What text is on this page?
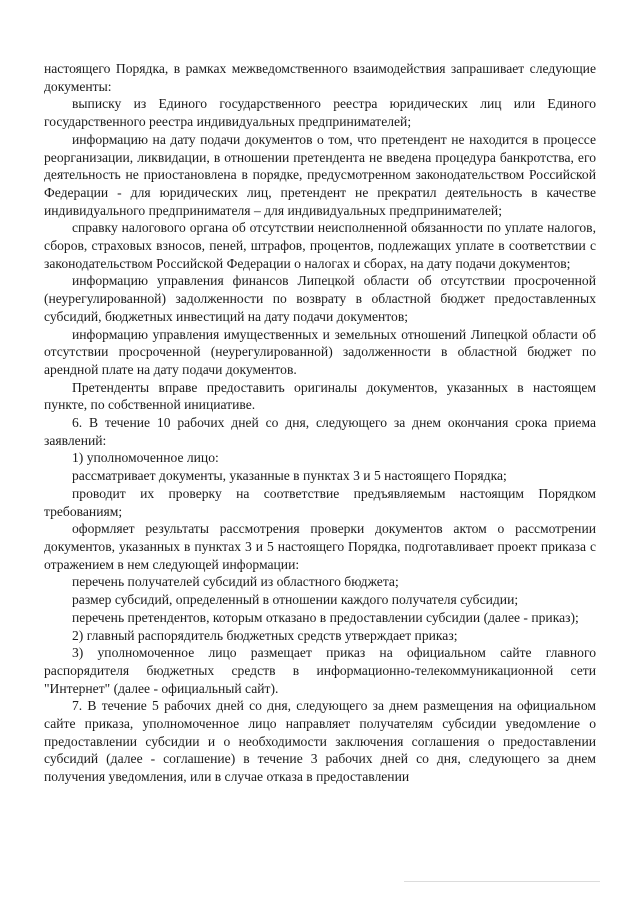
настоящего Порядка, в рамках межведомственного взаимодействия запрашивает следующие документы:

выписку из Единого государственного реестра юридических лиц или Единого государственного реестра индивидуальных предпринимателей;

информацию на дату подачи документов о том, что претендент не находится в процессе реорганизации, ликвидации, в отношении претендента не введена процедура банкротства, его деятельность не приостановлена в порядке, предусмотренном законодательством Российской Федерации - для юридических лиц, претендент не прекратил деятельность в качестве индивидуального предпринимателя – для индивидуальных предпринимателей;

справку налогового органа об отсутствии неисполненной обязанности по уплате налогов, сборов, страховых взносов, пеней, штрафов, процентов, подлежащих уплате в соответствии с законодательством Российской Федерации о налогах и сборах, на дату подачи документов;

информацию управления финансов Липецкой области об отсутствии просроченной (неурегулированной) задолженности по возврату в областной бюджет предоставленных субсидий, бюджетных инвестиций на дату подачи документов;

информацию управления имущественных и земельных отношений Липецкой области об отсутствии просроченной (неурегулированной) задолженности в областной бюджет по арендной плате на дату подачи документов.

Претенденты вправе предоставить оригиналы документов, указанных в настоящем пункте, по собственной инициативе.

6. В течение 10 рабочих дней со дня, следующего за днем окончания срока приема заявлений:

1) уполномоченное лицо:

рассматривает документы, указанные в пунктах 3 и 5 настоящего Порядка;

проводит их проверку на соответствие предъявляемым настоящим Порядком требованиям;

оформляет результаты рассмотрения проверки документов актом о рассмотрении документов, указанных в пунктах 3 и 5 настоящего Порядка, подготавливает проект приказа с отражением в нем следующей информации:

перечень получателей субсидий из областного бюджета;

размер субсидий, определенный в отношении каждого получателя субсидии;

перечень претендентов, которым отказано в предоставлении субсидии (далее - приказ);

2) главный распорядитель бюджетных средств утверждает приказ;

3) уполномоченное лицо размещает приказ на официальном сайте главного распорядителя бюджетных средств в информационно-телекоммуникационной сети "Интернет" (далее - официальный сайт).

7. В течение 5 рабочих дней со дня, следующего за днем размещения на официальном сайте приказа, уполномоченное лицо направляет получателям субсидии уведомление о предоставлении субсидии и о необходимости заключения соглашения о предоставлении субсидий (далее - соглашение) в течение 3 рабочих дней со дня, следующего за днем получения уведомления, или в случае отказа в предоставлении
